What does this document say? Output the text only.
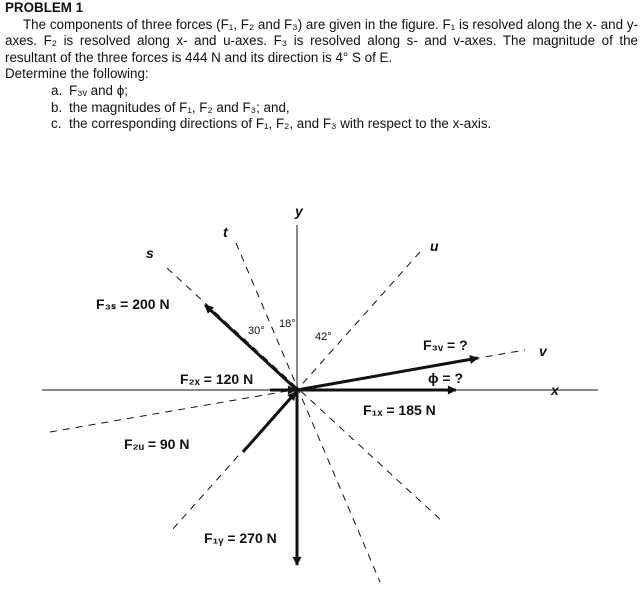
PROBLEM 1

The components of three forces (F₁, F₂ and F₃) are given in the figure. F₁ is resolved along the x- and y-axes. F₂ is resolved along x- and u-axes. F₃ is resolved along s- and v-axes. The magnitude of the resultant of the three forces is 444 N and its direction is 4° S of E.

Determine the following:

a. F₃ᵥ and ϕ;
b. the magnitudes of F₁, F₂ and F₃; and,
c. the corresponding directions of F₁, F₂, and F₃ with respect to the x-axis.
y
t
s	u
v
x
F₃ₛ = 200 N
F₂ₓ = 120 N
F₂ᵤ = 90 N
F₁ᵧ = 270 N
F₃ᵥ = ?
ϕ = ?
F₁ₓ = 185 N
30°
18°
42°
